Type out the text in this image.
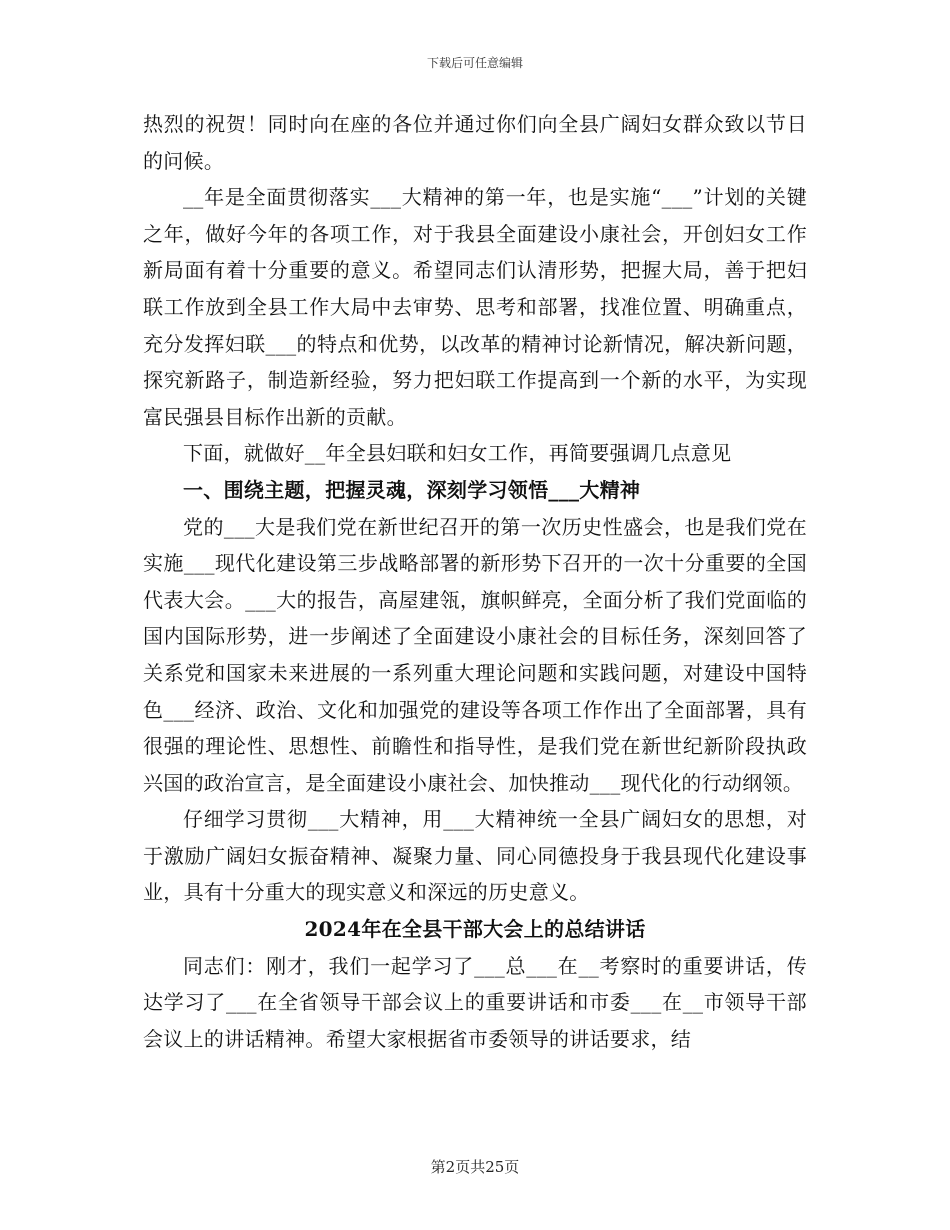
下载后可任意编辑

热烈的祝贺！同时向在座的各位并通过你们向全县广阔妇女群众致以节日的问候。

__年是全面贯彻落实___大精神的第一年，也是实施“___”计划的关键之年，做好今年的各项工作，对于我县全面建设小康社会，开创妇女工作新局面有着十分重要的意义。希望同志们认清形势，把握大局，善于把妇联工作放到全县工作大局中去审势、思考和部署，找准位置、明确重点，充分发挥妇联___的特点和优势，以改革的精神讨论新情况，解决新问题，探究新路子，制造新经验，努力把妇联工作提高到一个新的水平，为实现富民强县目标作出新的贡献。

下面，就做好__年全县妇联和妇女工作，再简要强调几点意见

一、围绕主题，把握灵魂，深刻学习领悟___大精神

党的___大是我们党在新世纪召开的第一次历史性盛会，也是我们党在实施___现代化建设第三步战略部署的新形势下召开的一次十分重要的全国代表大会。___大的报告，高屋建瓴，旗帜鲜亮，全面分析了我们党面临的国内国际形势，进一步阐述了全面建设小康社会的目标任务，深刻回答了关系党和国家未来进展的一系列重大理论问题和实践问题，对建设中国特色___经济、政治、文化和加强党的建设等各项工作作出了全面部署，具有很强的理论性、思想性、前瞻性和指导性，是我们党在新世纪新阶段执政兴国的政治宣言，是全面建设小康社会、加快推动___现代化的行动纲领。

仔细学习贯彻___大精神，用___大精神统一全县广阔妇女的思想，对于激励广阔妇女振奋精神、凝聚力量、同心同德投身于我县现代化建设事业，具有十分重大的现实意义和深远的历史意义。

2024年在全县干部大会上的总结讲话

同志们：刚才，我们一起学习了___总___在__考察时的重要讲话，传达学习了___在全省领导干部会议上的重要讲话和市委___在__市领导干部会议上的讲话精神。希望大家根据省市委领导的讲话要求，结

第2页共25页
